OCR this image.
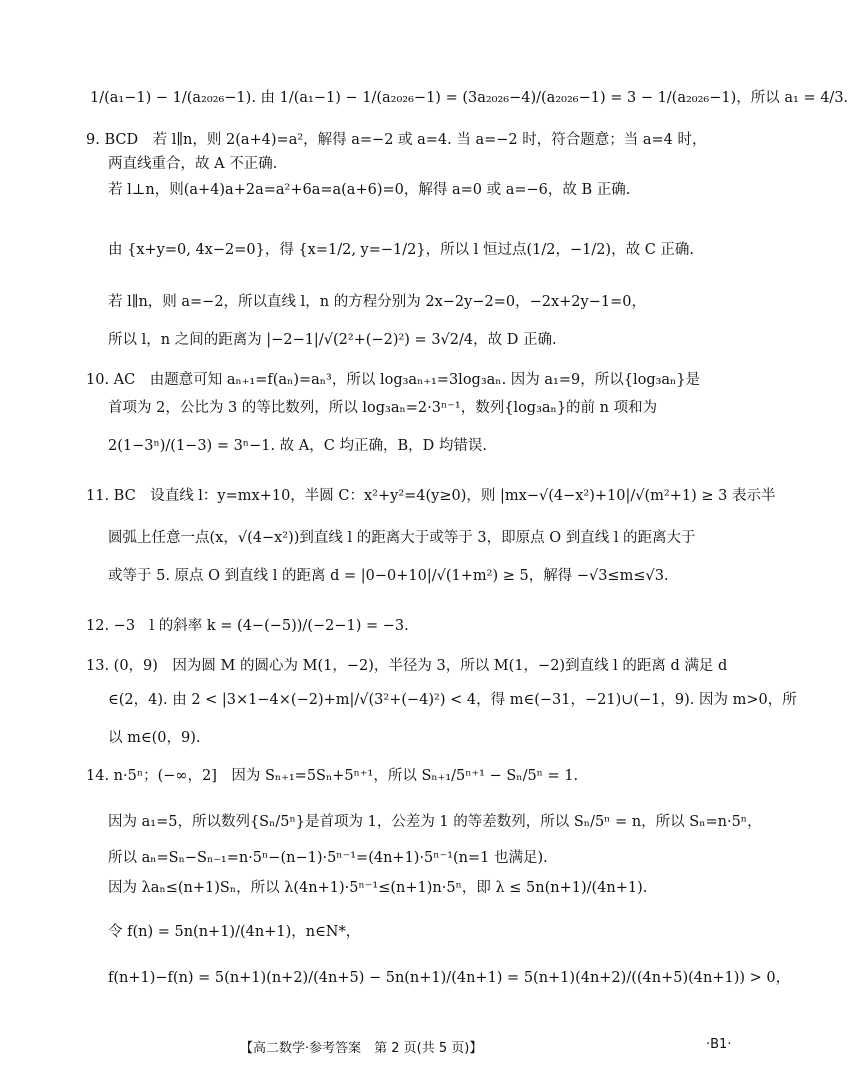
1/(a₁−1) − 1/(a₂₀₂₆−1). 由 1/(a₁−1) − 1/(a₂₀₂₆−1) = (3a₂₀₂₆−4)/(a₂₀₂₆−1) = 3 − 1/(a₂₀₂₆−1)，所以 a₁ = 4/3.
9. BCD　若 l∥n，则 2(a+4)=a²，解得 a=−2 或 a=4. 当 a=−2 时，符合题意；当 a=4 时，
两直线重合，故 A 不正确.
若 l⊥n，则(a+4)a+2a=a²+6a=a(a+6)=0，解得 a=0 或 a=−6，故 B 正确.
由 {x+y=0, 4x−2=0}，得 {x=1/2, y=−1/2}，所以 l 恒过点(1/2，−1/2)，故 C 正确.
若 l∥n，则 a=−2，所以直线 l，n 的方程分别为 2x−2y−2=0，−2x+2y−1=0，
所以 l，n 之间的距离为 |−2−1|/√(2²+(−2)²) = 3√2/4，故 D 正确.
10. AC　由题意可知 aₙ₊₁=f(aₙ)=aₙ³，所以 log₃aₙ₊₁=3log₃aₙ. 因为 a₁=9，所以{log₃aₙ}是
首项为 2，公比为 3 的等比数列，所以 log₃aₙ=2·3ⁿ⁻¹，数列{log₃aₙ}的前 n 项和为
2(1−3ⁿ)/(1−3) = 3ⁿ−1. 故 A，C 均正确，B，D 均错误.
11. BC　设直线 l：y=mx+10，半圆 C：x²+y²=4(y≥0)，则 |mx−√(4−x²)+10|/√(m²+1) ≥ 3 表示半
圆弧上任意一点(x，√(4−x²))到直线 l 的距离大于或等于 3，即原点 O 到直线 l 的距离大于
或等于 5. 原点 O 到直线 l 的距离 d = |0−0+10|/√(1+m²) ≥ 5，解得 −√3≤m≤√3.
12. −3　l 的斜率 k = (4−(−5))/(−2−1) = −3.
13. (0，9)　因为圆 M 的圆心为 M(1，−2)，半径为 3，所以 M(1，−2)到直线 l 的距离 d 满足 d
∈(2，4). 由 2 < |3×1−4×(−2)+m|/√(3²+(−4)²) < 4，得 m∈(−31，−21)∪(−1，9). 因为 m>0，所
以 m∈(0，9).
14. n·5ⁿ；(−∞，2]　因为 Sₙ₊₁=5Sₙ+5ⁿ⁺¹，所以 Sₙ₊₁/5ⁿ⁺¹ − Sₙ/5ⁿ = 1.
因为 a₁=5，所以数列{Sₙ/5ⁿ}是首项为 1，公差为 1 的等差数列，所以 Sₙ/5ⁿ = n，所以 Sₙ=n·5ⁿ，
所以 aₙ=Sₙ−Sₙ₋₁=n·5ⁿ−(n−1)·5ⁿ⁻¹=(4n+1)·5ⁿ⁻¹(n=1 也满足).
因为 λaₙ≤(n+1)Sₙ，所以 λ(4n+1)·5ⁿ⁻¹≤(n+1)n·5ⁿ，即 λ ≤ 5n(n+1)/(4n+1).
令 f(n) = 5n(n+1)/(4n+1)，n∈N*，
f(n+1)−f(n) = 5(n+1)(n+2)/(4n+5) − 5n(n+1)/(4n+1) = 5(n+1)(4n+2)/((4n+5)(4n+1)) > 0，
【高二数学·参考答案　第 2 页(共 5 页)】	·B1·
